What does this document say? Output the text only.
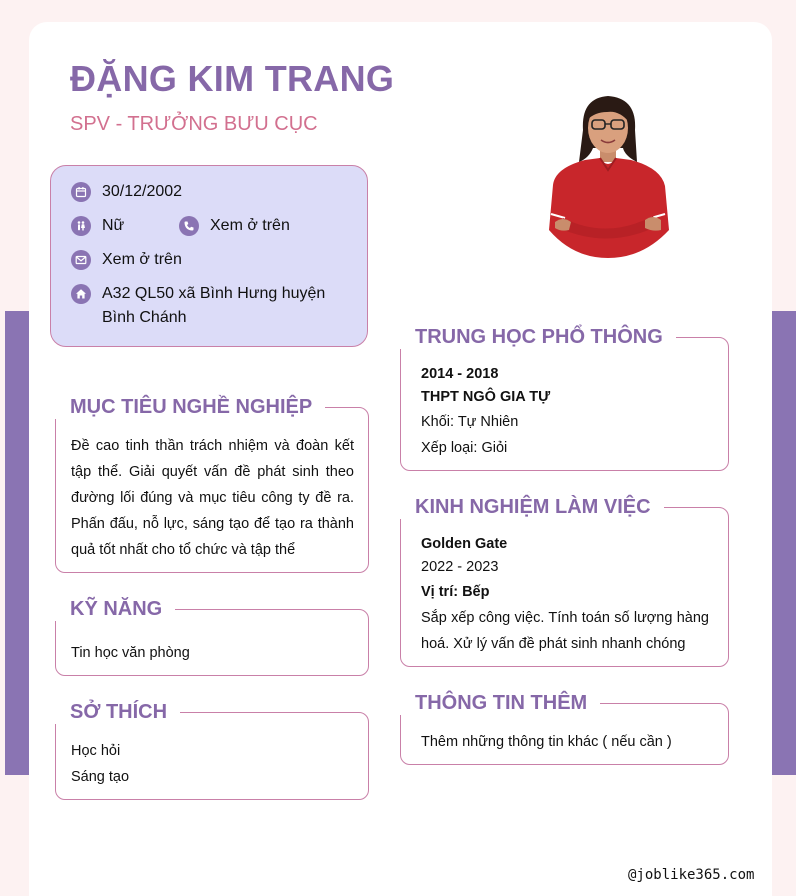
ĐẶNG KIM TRANG
SPV - TRƯỞNG BƯU CỤC
30/12/2002
Nữ	Xem ở trên
Xem ở trên
A32 QL50 xã Bình Hưng huyện Bình Chánh
MỤC TIÊU NGHỀ NGHIỆP
Đề cao tinh thần trách nhiệm và đoàn kết tập thể. Giải quyết vấn đề phát sinh theo đường lối đúng và mục tiêu công ty đề ra. Phấn đấu, nỗ lực, sáng tạo để tạo ra thành quả tốt nhất cho tổ chức và tập thể
KỸ NĂNG
Tin học văn phòng
SỞ THÍCH
Học hỏi
Sáng tạo
TRUNG HỌC PHỔ THÔNG
2014 - 2018
THPT NGÔ GIA TỰ
Khối: Tự Nhiên
Xếp loại: Giỏi
KINH NGHIỆM LÀM VIỆC
Golden Gate
2022 - 2023
Vị trí: Bếp
Sắp xếp công việc. Tính toán số lượng hàng hoá. Xử lý vấn đề phát sinh nhanh chóng
THÔNG TIN THÊM
Thêm những thông tin khác ( nếu cần )
@joblike365.com
